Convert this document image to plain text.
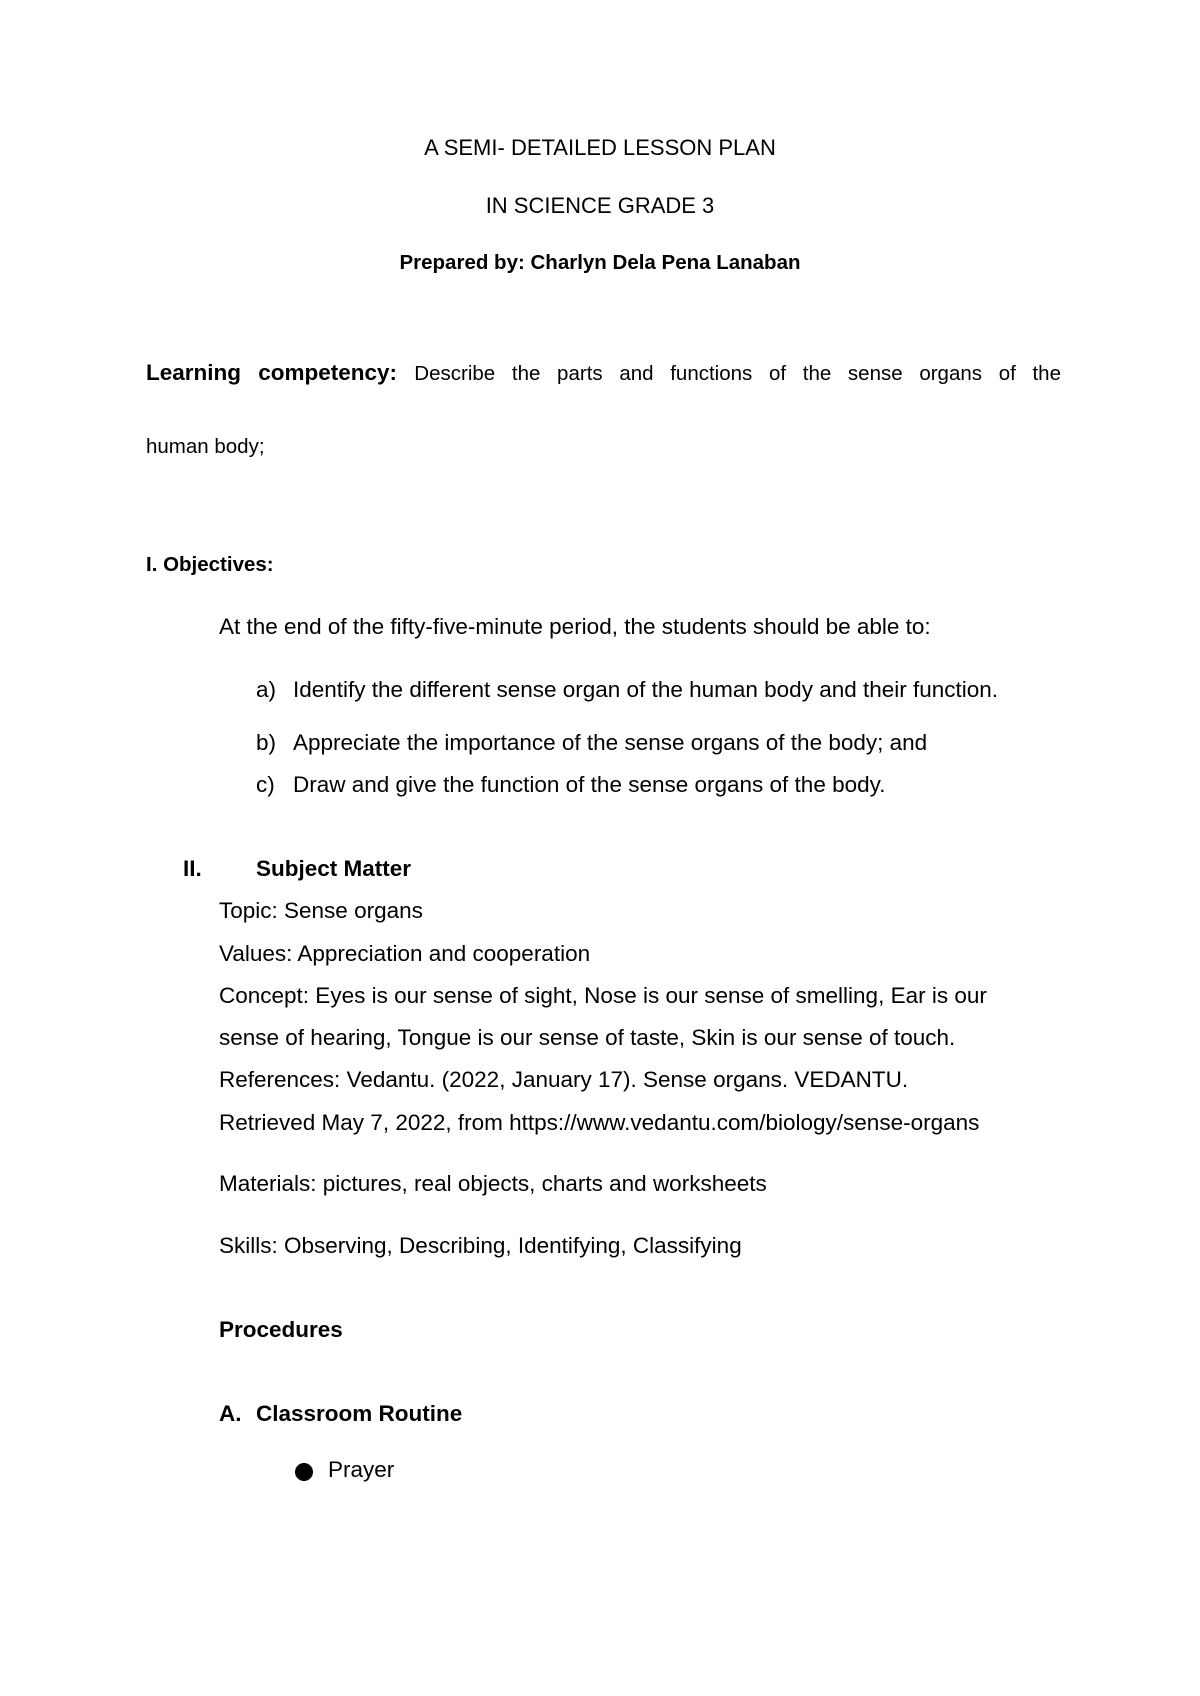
A SEMI- DETAILED LESSON PLAN
IN SCIENCE GRADE 3
Prepared by: Charlyn Dela Pena Lanaban
Learning competency: Describe the parts and functions of the sense organs of the
human body;
I. Objectives:
At the end of the fifty-five-minute period, the students should be able to:
a) Identify the different sense organ of the human body and their function.
b) Appreciate the importance of the sense organs of the body; and
c) Draw and give the function of the sense organs of the body.
II. Subject Matter
Topic: Sense organs
Values: Appreciation and cooperation
Concept: Eyes is our sense of sight, Nose is our sense of smelling, Ear is our
sense of hearing, Tongue is our sense of taste, Skin is our sense of touch.
References: Vedantu. (2022, January 17). Sense organs. VEDANTU.
Retrieved May 7, 2022, from https://www.vedantu.com/biology/sense-organs
Materials: pictures, real objects, charts and worksheets
Skills: Observing, Describing, Identifying, Classifying
Procedures
A. Classroom Routine
Prayer
